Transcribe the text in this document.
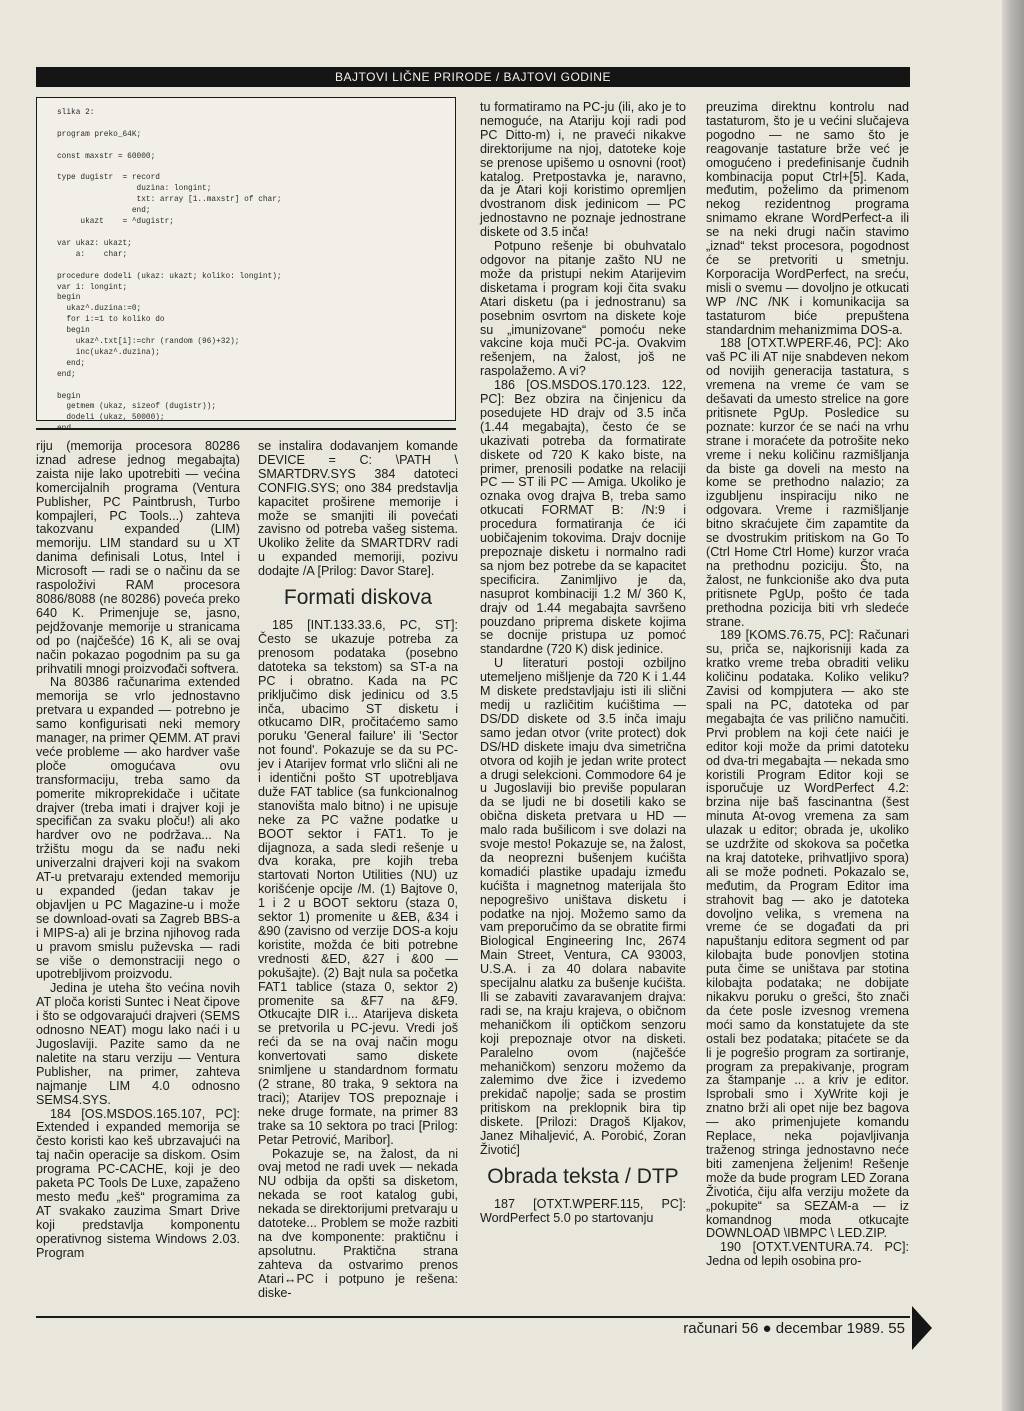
BAJTOVI LIČNE PRIRODE / BAJTOVI GODINE
slika 2:

program preko_64K;

const maxstr = 60000;

type dugistr  = record
duzina: longint;
txt: array [1..maxstr] of char;
end;
ukazt    = ^dugistr;

var ukaz: ukazt;
a:    char;

procedure dodeli (ukaz: ukazt; koliko: longint);
var i: longint;
begin
ukaz^.duzina:=0;
for i:=1 to koliko do
begin
ukaz^.txt[i]:=chr (random (96)+32);
inc(ukaz^.duzina);
end;
end;

begin
getmem (ukaz, sizeof (dugistr));
dodeli (ukaz, 50000);

riju (memorija procesora 80286 iznad adrese jednog megabajta) zaista nije lako upotrebiti — većina komercijalnih programa (Ventura Publisher, PC Paintbrush, Turbo kompajleri, PC Tools...) zahteva takozvanu expanded (LIM) memoriju. LIM standard su u XT danima definisali Lotus, Intel i Microsoft — radi se o načinu da se raspoloživi RAM procesora 8086/8088 (ne 80286) poveća preko 640 K. Primenjuje se, jasno, pejdžovanje memorije u stranicama od po (najčešće) 16 K, ali se ovaj način pokazao pogodnim pa su ga prihvatili mnogi proizvođači softvera.

Na 80386 računarima extended memorija se vrlo jednostavno pretvara u expanded — potrebno je samo konfigurisati neki memory manager, na primer QEMM. AT pravi veće probleme — ako hardver vaše ploče omogućava ovu transformaciju, treba samo da pomerite mikroprekidače i učitate drajver (treba imati i drajver koji je specifičan za svaku ploču!) ali ako hardver ovo ne podržava... Na tržištu mogu da se nađu neki univerzalni drajveri koji na svakom AT-u pretvaraju extended memoriju u expanded (jedan takav je objavljen u PC Magazine-u i može se download-ovati sa Zagreb BBS-a i MIPS-a) ali je brzina njihovog rada u pravom smislu puževska — radi se više o demonstraciji nego o upotrebljivom proizvodu.

Jedina je uteha što većina novih AT ploča koristi Suntec i Neat čipove i što se odgovarajući drajveri (SEMS odnosno NEAT) mogu lako naći i u Jugoslaviji. Pazite samo da ne naletite na staru verziju — Ventura Publisher, na primer, zahteva najmanje LIM 4.0 odnosno SEMS4.SYS.

184 [OS.MSDOS.165.107, PC]: Extended i expanded memorija se često koristi kao keš ubrzavajući na taj način operacije sa diskom. Osim programa PC-CACHE, koji je deo paketa PC Tools De Luxe, zapaženo mesto među „keš“ programima za AT svakako zauzima Smart Drive koji predstavlja komponentu operativnog sistema Windows 2.03. Program

se instalira dodavanjem komande DEVICE = C: \PATH \ SMARTDRV.SYS 384 datoteci CONFIG.SYS; ono 384 predstavlja kapacitet proširene memorije i može se smanjiti ili povećati zavisno od potreba vašeg sistema. Ukoliko želite da SMARTDRV radi u expanded memoriji, pozivu dodajte /A [Prilog: Davor Stare].

Formati diskova

185 [INT.133.33.6, PC, ST]: Često se ukazuje potreba za prenosom podataka (posebno datoteka sa tekstom) sa ST-a na PC i obratno. Kada na PC priključimo disk jedinicu od 3.5 inča, ubacimo ST disketu i otkucamo DIR, pročitaćemo samo poruku 'General failure' ili 'Sector not found'. Pokazuje se da su PC-jev i Atarijev format vrlo slični ali ne i identični pošto ST upotrebljava duže FAT tablice (sa funkcionalnog stanovišta malo bitno) i ne upisuje neke za PC važne podatke u BOOT sektor i FAT1. To je dijagnoza, a sada sledi rešenje u dva koraka, pre kojih treba startovati Norton Utilities (NU) uz korišćenje opcije /M. (1) Bajtove 0, 1 i 2 u BOOT sektoru (staza 0, sektor 1) promenite u &EB, &34 i &90 (zavisno od verzije DOS-a koju koristite, možda će biti potrebne vrednosti &ED, &27 i &00 — pokušajte). (2) Bajt nula sa početka FAT1 tablice (staza 0, sektor 2) promenite sa &F7 na &F9. Otkucajte DIR i... Atarijeva disketa se pretvorila u PC-jevu. Vredi još reći da se na ovaj način mogu konvertovati samo diskete snimljene u standardnom formatu (2 strane, 80 traka, 9 sektora na traci); Atarijev TOS prepoznaje i neke druge formate, na primer 83 trake sa 10 sektora po traci [Prilog: Petar Petrović, Maribor].

Pokazuje se, na žalost, da ni ovaj metod ne radi uvek — nekada NU odbija da opšti sa disketom, nekada se root katalog gubi, nekada se direktorijumi pretvaraju u datoteke... Problem se može razbiti na dve komponente: praktičnu i apsolutnu. Praktična strana zahteva da ostvarimo prenos Atari↔PC i potpuno je rešena: diske-

tu formatiramo na PC-ju (ili, ako je to nemoguće, na Atariju koji radi pod PC Ditto-m) i, ne praveći nikakve direktorijume na njoj, datoteke koje se prenose upišemo u osnovni (root) katalog. Pretpostavka je, naravno, da je Atari koji koristimo opremljen dvostranom disk jedinicom — PC jednostavno ne poznaje jednostrane diskete od 3.5 inča!

Potpuno rešenje bi obuhvatalo odgovor na pitanje zašto NU ne može da pristupi nekim Atarijevim disketama i program koji čita svaku Atari disketu (pa i jednostranu) sa posebnim osvrtom na diskete koje su „imunizovane“ pomoću neke vakcine koja muči PC-ja. Ovakvim rešenjem, na žalost, još ne raspolažemo. A vi?

186 [OS.MSDOS.170.123. 122, PC]: Bez obzira na činjenicu da posedujete HD drajv od 3.5 inča (1.44 megabajta), često će se ukazivati potreba da formatirate diskete od 720 K kako biste, na primer, prenosili podatke na relaciji PC — ST ili PC — Amiga. Ukoliko je oznaka ovog drajva B, treba samo otkucati FORMAT B: /N:9 i procedura formatiranja će ići uobičajenim tokovima. Drajv docnije prepoznaje disketu i normalno radi sa njom bez potrebe da se kapacitet specificira. Zanimljivo je da, nasuprot kombinaciji 1.2 M/ 360 K, drajv od 1.44 megabajta savršeno pouzdano priprema diskete kojima se docnije pristupa uz pomoć standardne (720 K) disk jedinice.

U literaturi postoji ozbiljno utemeljeno mišljenje da 720 K i 1.44 M diskete predstavljaju isti ili slični medij u različitim kućištima — DS/DD diskete od 3.5 inča imaju samo jedan otvor (vrite protect) dok DS/HD diskete imaju dva simetrična otvora od kojih je jedan write protect a drugi selekcioni. Commodore 64 je u Jugoslaviji bio previše popularan da se ljudi ne bi dosetili kako se obična disketa pretvara u HD — malo rada bušilicom i sve dolazi na svoje mesto! Pokazuje se, na žalost, da neoprezni bušenjem kućišta komadići plastike upadaju između kućišta i magnetnog materijala što nepogrešivo uništava disketu i podatke na njoj. Možemo samo da vam preporučimo da se obratite firmi Biological Engineering Inc, 2674 Main Street, Ventura, CA 93003, U.S.A. i za 40 dolara nabavite specijalnu alatku za bušenje kućišta. Ili se zabaviti zavaravanjem drajva: radi se, na kraju krajeva, o običnom mehaničkom ili optičkom senzoru koji prepoznaje otvor na disketi. Paralelno ovom (najčešće mehaničkom) senzoru možemo da zalemimo dve žice i izvedemo prekidač napolje; sada se prostim pritiskom na preklopnik bira tip diskete. [Prilozi: Dragoš Kljakov, Janez Mihaljević, A. Porobić, Zoran Životić]

Obrada teksta / DTP

187 [OTXT.WPERF.115, PC]: WordPerfect 5.0 po startovanju

preuzima direktnu kontrolu nad tastaturom, što je u većini slučajeva pogodno — ne samo što je reagovanje tastature brže već je omogućeno i predefinisanje čudnih kombinacija poput Ctrl+[5]. Kada, međutim, poželimo da primenom nekog rezidentnog programa snimamo ekrane WordPerfect-a ili se na neki drugi način stavimo „iznad“ tekst procesora, pogodnost će se pretvoriti u smetnju. Korporacija WordPerfect, na sreću, misli o svemu — dovoljno je otkucati WP /NC /NK i komunikacija sa tastaturom biće prepuštena standardnim mehanizmima DOS-a.

188 [OTXT.WPERF.46, PC]: Ako vaš PC ili AT nije snabdeven nekom od novijih generacija tastatura, s vremena na vreme će vam se dešavati da umesto strelice na gore pritisnete PgUp. Posledice su poznate: kurzor će se naći na vrhu strane i moraćete da potrošite neko vreme i neku količinu razmišljanja da biste ga doveli na mesto na kome se prethodno nalazio; za izgubljenu inspiraciju niko ne odgovara. Vreme i razmišljanje bitno skraćujete čim zapamtite da se dvostrukim pritiskom na Go To (Ctrl Home Ctrl Home) kurzor vraća na prethodnu poziciju. Što, na žalost, ne funkcioniše ako dva puta pritisnete PgUp, pošto će tada prethodna pozicija biti vrh sledeće strane.

189 [KOMS.76.75, PC]: Računari su, priča se, najkorisniji kada za kratko vreme treba obraditi veliku količinu podataka. Koliko veliku? Zavisi od kompjutera — ako ste spali na PC, datoteka od par megabajta će vas prilično namučiti. Prvi problem na koji ćete naići je editor koji može da primi datoteku od dva-tri megabajta — nekada smo koristili Program Editor koji se isporučuje uz WordPerfect 4.2: brzina nije baš fascinantna (šest minuta At-ovog vremena za sam ulazak u editor; obrada je, ukoliko se uzdržite od skokova sa početka na kraj datoteke, prihvatljivo spora) ali se može podneti. Pokazalo se, međutim, da Program Editor ima strahovit bag — ako je datoteka dovoljno velika, s vremena na vreme će se događati da pri napuštanju editora segment od par kilobajta bude ponovljen stotina puta čime se uništava par stotina kilobajta podataka; ne dobijate nikakvu poruku o grešci, što znači da ćete posle izvesnog vremena moći samo da konstatujete da ste ostali bez podataka; pitaćete se da li je pogrešio program za sortiranje, program za prepakivanje, program za štampanje ... a kriv je editor. Isprobali smo i XyWrite koji je znatno brži ali opet nije bez bagova — ako primenjujete komandu Replace, neka pojavljivanja traženog stringa jednostavno neće biti zamenjena željenim! Rešenje može da bude program LED Zorana Životića, čiju alfa verziju možete da „pokupite“ sa SEZAM-a — iz komandnog moda otkucajte DOWNLOAD \IBMPC \ LED.ZIP.

190 [OTXT.VENTURA.74. PC]: Jedna od lepih osobina pro-

računari 56 ● decembar 1989. 55
